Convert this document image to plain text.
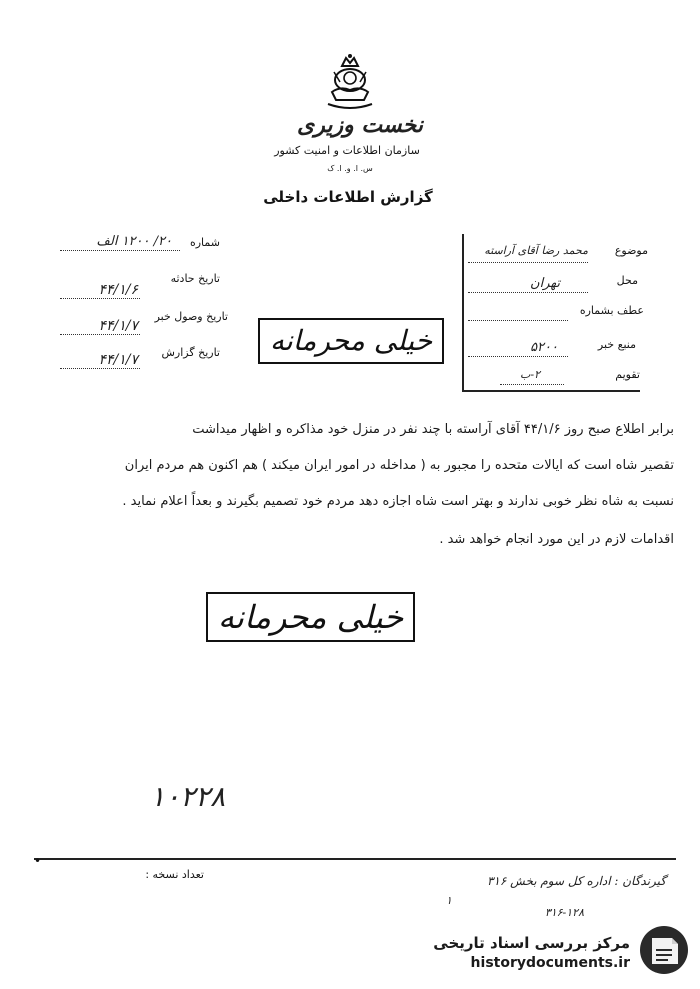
نخست وزیری
سازمان اطلاعات و امنیت کشور
س. ا. و. ا. ک
گزارش اطلاعات داخلی
شماره
۲۰/ ۱۲۰۰ الف
تاریخ حادثه
۴۴/۱/۶
تاریخ وصول خبر
۴۴/۱/۷
تاریخ گزارش
۴۴/۱/۷
موضوع
محمد رضا آقای آراسته
محل
تهران
عطف بشماره
منبع خبر
۵۲۰۰
تقویم
۲-ب
خیلی محرمانه
برابر اطلاع صبح روز ۴۴/۱/۶ آقای آراسته با چند نفر در منزل خود مذاکره و اظهار میداشت
تقصیر شاه است که ایالات متحده را مجبور به ( مداخله در امور ایران میکند ) هم اکنون هم مردم ایران
نسبت به شاه نظر خوبی ندارند و بهتر است شاه اجازه دهد مردم خود تصمیم بگیرند و بعداً اعلام نماید .
اقدامات لازم در این مورد انجام خواهد شد .
خیلی محرمانه
۱۰۲۲۸
•
تعداد نسخه :	گیرندگان : اداره کل سوم بخش ۳۱۶
۱
۳۱۶-۱۲۸
مرکز بررسی اسناد تاریخی
historydocuments.ir
